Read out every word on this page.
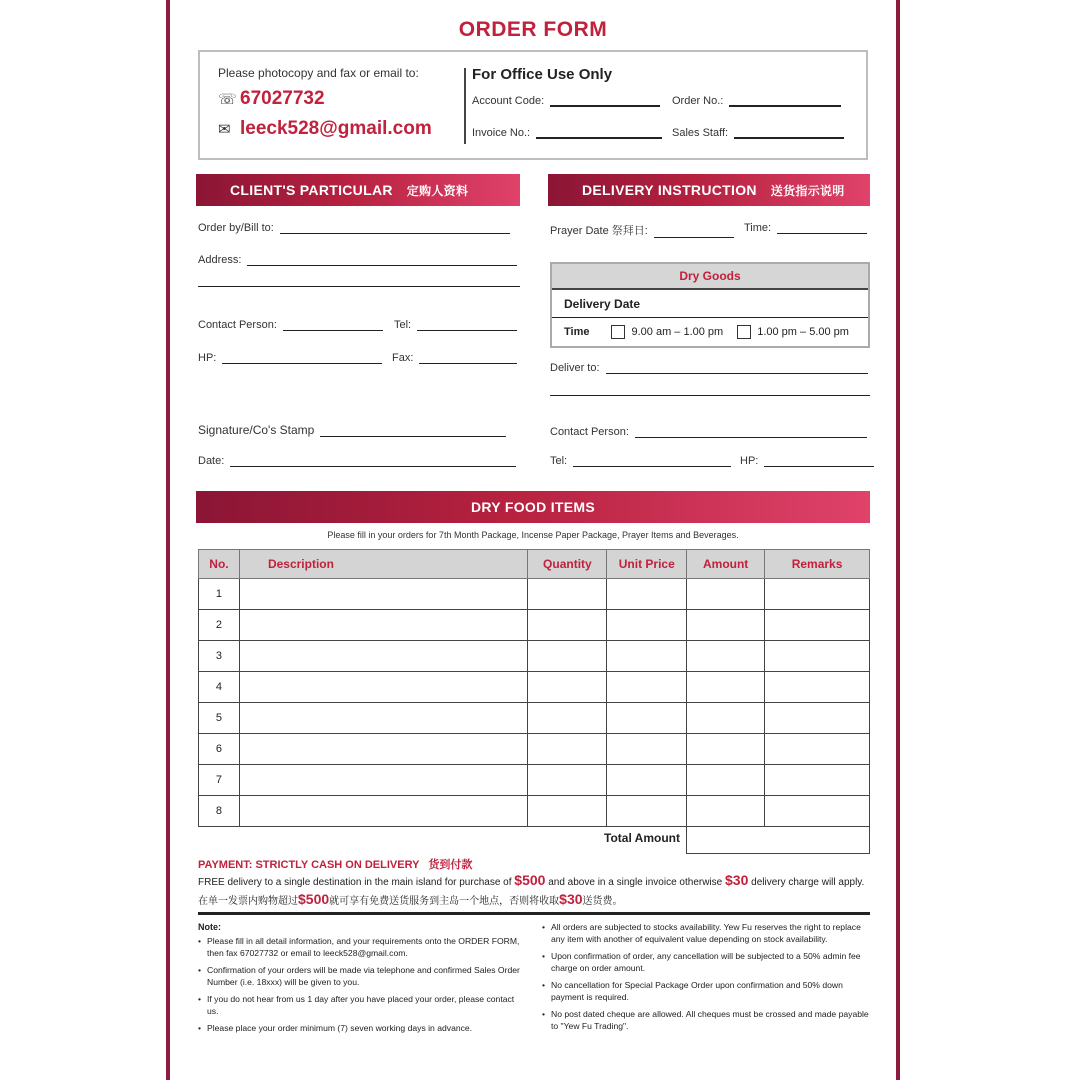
ORDER FORM
Please photocopy and fax or email to:
☏ 67027732
✉ leeck528@gmail.com
For Office Use Only
Account Code:	Order No.:
Invoice No.:	Sales Staff:
CLIENT'S PARTICULAR 定购人资料
Order by/Bill to:
Address:
Contact Person:	Tel:
HP:	Fax:
Signature/Co's Stamp
Date:
DELIVERY INSTRUCTION 送货指示说明
Prayer Date 祭拜日:	Time:
Dry Goods
Delivery Date
Time	9.00 am – 1.00 pm	1.00 pm – 5.00 pm
Deliver to:
Contact Person:
Tel:	HP:
DRY FOOD ITEMS
Please fill in your orders for 7th Month Package, Incense Paper Package, Prayer Items and Beverages.
No.	Description	Quantity	Unit Price	Amount	Remarks
1					
2					
3					
4					
5					
6					
7					
8					
Total Amount
PAYMENT: STRICTLY CASH ON DELIVERY 货到付款
FREE delivery to a single destination in the main island for purchase of $500 and above in a single invoice otherwise $30 delivery charge will apply.
在单一发票内购物超过$500就可享有免费送货服务到主岛一个地点，否则将收取$30送货费。
Note:
• Please fill in all detail information, and your requirements onto the ORDER FORM, then fax 67027732 or email to leeck528@gmail.com.
• Confirmation of your orders will be made via telephone and confirmed Sales Order Number (i.e. 18xxx) will be given to you.
• If you do not hear from us 1 day after you have placed your order, please contact us.
• Please place your order minimum (7) seven working days in advance.
• All orders are subjected to stocks availability. Yew Fu reserves the right to replace any item with another of equivalent value depending on stock availability.
• Upon confirmation of order, any cancellation will be subjected to a 50% admin fee charge on order amount.
• No cancellation for Special Package Order upon confirmation and 50% down payment is required.
• No post dated cheque are allowed. All cheques must be crossed and made payable to "Yew Fu Trading".
